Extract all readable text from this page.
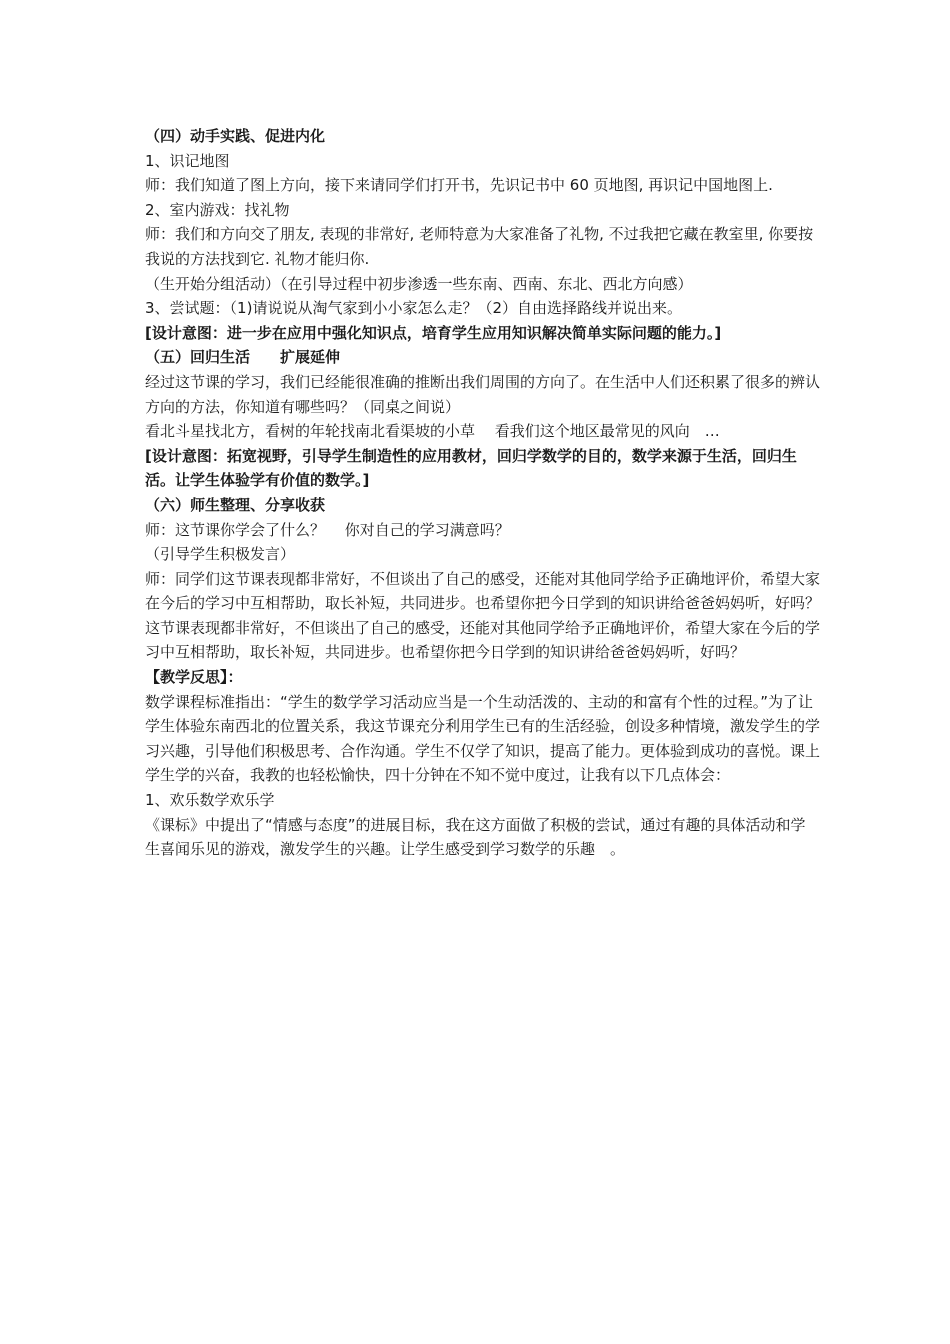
（四）动手实践、促进内化
1、识记地图
师：我们知道了图上方向，接下来请同学们打开书，先识记书中 60 页地图, 再识记中国地图上.
2、室内游戏：找礼物
师：我们和方向交了朋友, 表现的非常好, 老师特意为大家准备了礼物, 不过我把它藏在教室里, 你要按我说的方法找到它. 礼物才能归你.
（生开始分组活动）（在引导过程中初步渗透一些东南、西南、东北、西北方向感）
3、尝试题：（1)请说说从淘气家到小小家怎么走？（2）自由选择路线并说出来。
[设计意图：进一步在应用中强化知识点，培育学生应用知识解决简单实际问题的能力。]
（五）回归生活　　扩展延伸
经过这节课的学习，我们已经能很准确的推断出我们周围的方向了。在生活中人们还积累了很多的辨认方向的方法，你知道有哪些吗？（同桌之间说）
看北斗星找北方，看树的年轮找南北看渠坡的小草　 看我们这个地区最常见的风向　…
[设计意图：拓宽视野，引导学生制造性的应用教材，回归学数学的目的，数学来源于生活，回归生活。让学生体验学有价值的数学。]
（六）师生整理、分享收获
师：这节课你学会了什么？　 你对自己的学习满意吗？
（引导学生积极发言）
师：同学们这节课表现都非常好，不但谈出了自己的感受，还能对其他同学给予正确地评价，希望大家在今后的学习中互相帮助，取长补短，共同进步。也希望你把今日学到的知识讲给爸爸妈妈听，好吗？
这节课表现都非常好，不但谈出了自己的感受，还能对其他同学给予正确地评价，希望大家在今后的学习中互相帮助，取长补短，共同进步。也希望你把今日学到的知识讲给爸爸妈妈听，好吗？
【教学反思】：
数学课程标准指出：“学生的数学学习活动应当是一个生动活泼的、主动的和富有个性的过程。”为了让学生体验东南西北的位置关系，我这节课充分利用学生已有的生活经验，创设多种情境，激发学生的学习兴趣，引导他们积极思考、合作沟通。学生不仅学了知识，提高了能力。更体验到成功的喜悦。课上学生学的兴奋，我教的也轻松愉快，四十分钟在不知不觉中度过，让我有以下几点体会：
1、欢乐数学欢乐学
《课标》中提出了“情感与态度”的进展目标，我在这方面做了积极的尝试，通过有趣的具体活动和学生喜闻乐见的游戏，激发学生的兴趣。让学生感受到学习数学的乐趣　。
